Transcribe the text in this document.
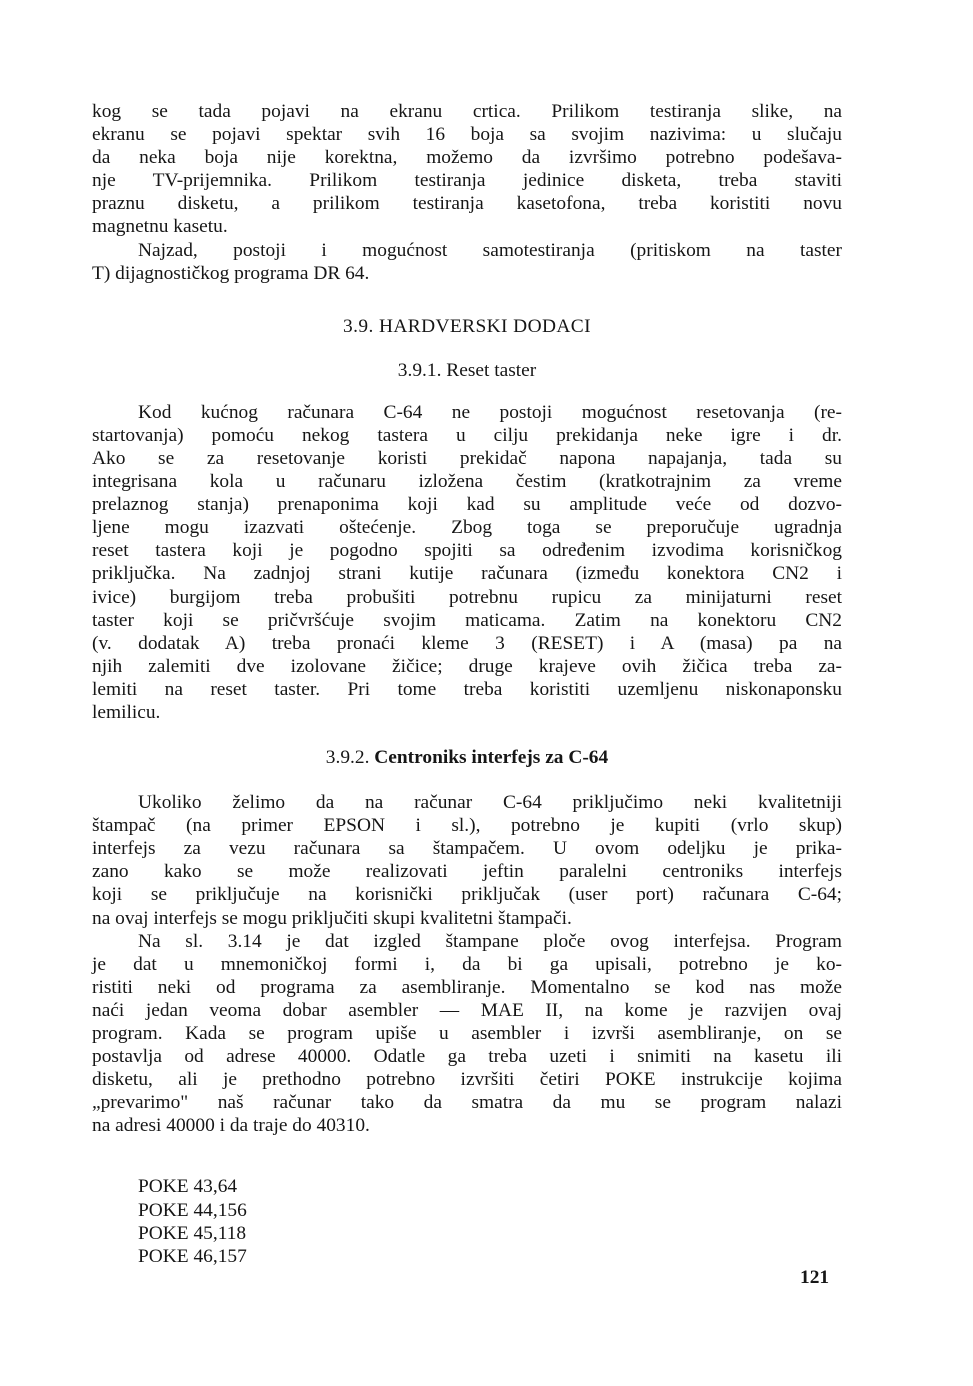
kog se tada pojavi na ekranu crtica. Prilikom testiranja slike, na
ekranu se pojavi spektar svih 16 boja sa svojim nazivima: u slučaju
da neka boja nije korektna, možemo da izvršimo potrebno podešava-
nje TV-prijemnika. Prilikom testiranja jedinice disketa, treba staviti
praznu disketu, a prilikom testiranja kasetofona, treba koristiti novu
magnetnu kasetu.
Najzad, postoji i mogućnost samotestiranja (pritiskom na taster
T) dijagnostičkog programa DR 64.
3.9. HARDVERSKI DODACI
3.9.1. Reset taster
Kod kućnog računara C-64 ne postoji mogućnost resetovanja (re-
startovanja) pomoću nekog tastera u cilju prekidanja neke igre i dr.
Ako se za resetovanje koristi prekidač napona napajanja, tada su
integrisana kola u računaru izložena čestim (kratkotrajnim za vreme
prelaznog stanja) prenaponima koji kad su amplitude veće od dozvo-
ljene mogu izazvati oštećenje. Zbog toga se preporučuje ugradnja
reset tastera koji je pogodno spojiti sa određenim izvodima korisničkog
priključka. Na zadnjoj strani kutije računara (između konektora CN2 i
ivice) burgijom treba probušiti potrebnu rupicu za minijaturni reset
taster koji se pričvršćuje svojim maticama. Zatim na konektoru CN2
(v. dodatak A) treba pronaći kleme 3 (RESET) i A (masa) pa na
njih zalemiti dve izolovane žičice; druge krajeve ovih žičica treba za-
lemiti na reset taster. Pri tome treba koristiti uzemljenu niskonaponsku
lemilicu.
3.9.2. Centroniks interfejs za C-64
Ukoliko želimo da na računar C-64 priključimo neki kvalitetniji
štampač (na primer EPSON i sl.), potrebno je kupiti (vrlo skup)
interfejs za vezu računara sa štampačem. U ovom odeljku je prika-
zano kako se može realizovati jeftin paralelni centroniks interfejs
koji se priključuje na korisnički priključak (user port) računara C-64;
na ovaj interfejs se mogu priključiti skupi kvalitetni štampači.
Na sl. 3.14 je dat izgled štampane ploče ovog interfejsa. Program
je dat u mnemoničkoj formi i, da bi ga upisali, potrebno je ko-
ristiti neki od programa za asembliranje. Momentalno se kod nas može
naći jedan veoma dobar asembler — MAE II, na kome je razvijen ovaj
program. Kada se program upiše u asembler i izvrši asembliranje, on se
postavlja od adrese 40000. Odatle ga treba uzeti i snimiti na kasetu ili
disketu, ali je prethodno potrebno izvršiti četiri POKE instrukcije kojima
„prevarimo" naš računar tako da smatra da mu se program nalazi
na adresi 40000 i da traje do 40310.
POKE 43,64
POKE 44,156
POKE 45,118
POKE 46,157
121
